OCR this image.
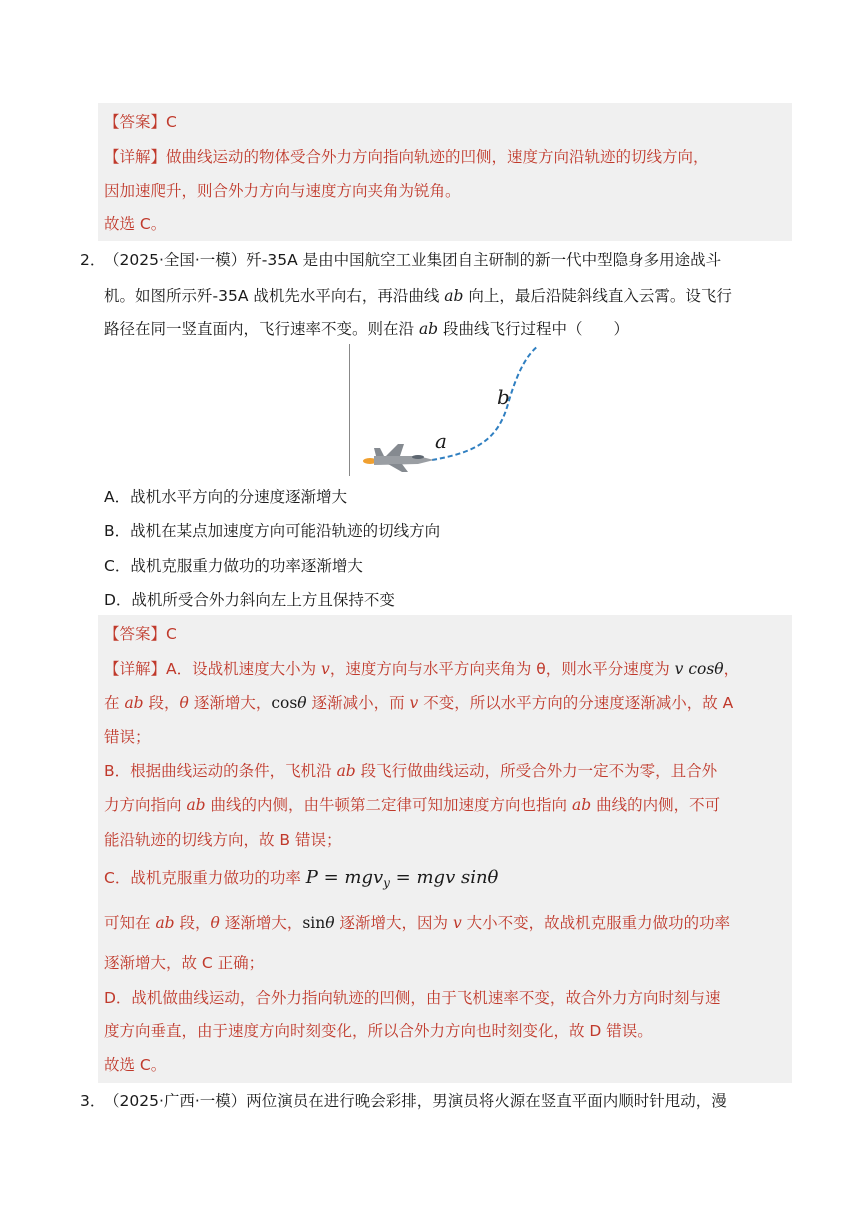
【答案】C
【详解】做曲线运动的物体受合外力方向指向轨迹的凹侧，速度方向沿轨迹的切线方向，
因加速爬升，则合外力方向与速度方向夹角为锐角。
故选 C。
2．
（2025·全国·一模）歼-35A 是由中国航空工业集团自主研制的新一代中型隐身多用途战斗
机。如图所示歼-35A 战机先水平向右，再沿曲线 ab 向上，最后沿陡斜线直入云霄。设飞行
路径在同一竖直面内，飞行速率不变。则在沿 ab 段曲线飞行过程中（　　）
a
b
A．战机水平方向的分速度逐渐增大
B．战机在某点加速度方向可能沿轨迹的切线方向
C．战机克服重力做功的功率逐渐增大
D．战机所受合外力斜向左上方且保持不变
【答案】C
【详解】A．设战机速度大小为 v，速度方向与水平方向夹角为 θ，则水平分速度为 v cosθ，
在 ab 段，θ 逐渐增大，cosθ 逐渐减小，而 v 不变，所以水平方向的分速度逐渐减小，故 A
错误；
B．根据曲线运动的条件，飞机沿 ab 段飞行做曲线运动，所受合外力一定不为零，且合外
力方向指向 ab 曲线的内侧，由牛顿第二定律可知加速度方向也指向 ab 曲线的内侧，不可
能沿轨迹的切线方向，故 B 错误；
C．战机克服重力做功的功率 P = mgv$_y$ = mgv sinθ
可知在 ab 段，θ 逐渐增大，sinθ 逐渐增大，因为 v 大小不变，故战机克服重力做功的功率
逐渐增大，故 C 正确；
D．战机做曲线运动，合外力指向轨迹的凹侧，由于飞机速率不变，故合外力方向时刻与速
度方向垂直，由于速度方向时刻变化，所以合外力方向也时刻变化，故 D 错误。
故选 C。
3．
（2025·广西·一模）两位演员在进行晚会彩排，男演员将火源在竖直平面内顺时针甩动，漫
